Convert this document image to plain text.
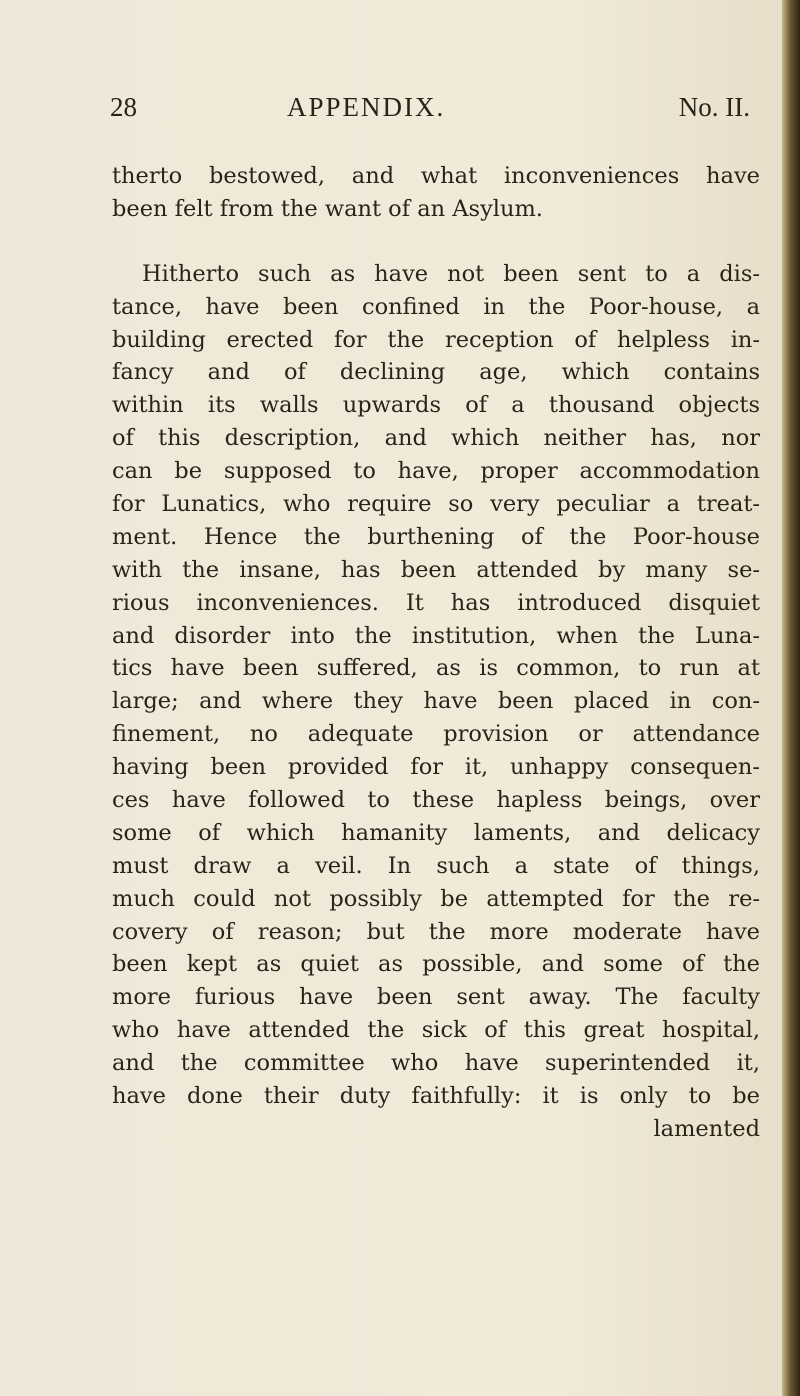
28	APPENDIX.	No. II.
therto bestowed, and what inconveniences have
been felt from the want of an Asylum.
Hitherto such as have not been sent to a dis-
tance, have been confined in the Poor-house, a
building erected for the reception of helpless in-
fancy and of declining age, which contains
within its walls upwards of a thousand objects
of this description, and which neither has, nor
can be supposed to have, proper accommodation
for Lunatics, who require so very peculiar a treat-
ment. Hence the burthening of the Poor-house
with the insane, has been attended by many se-
rious inconveniences. It has introduced disquiet
and disorder into the institution, when the Luna-
tics have been suffered, as is common, to run at
large; and where they have been placed in con-
finement, no adequate provision or attendance
having been provided for it, unhappy consequen-
ces have followed to these hapless beings, over
some of which hamanity laments, and delicacy
must draw a veil. In such a state of things,
much could not possibly be attempted for the re-
covery of reason; but the more moderate have
been kept as quiet as possible, and some of the
more furious have been sent away. The faculty
who have attended the sick of this great hospital,
and the committee who have superintended it,
have done their duty faithfully: it is only to be
lamented
